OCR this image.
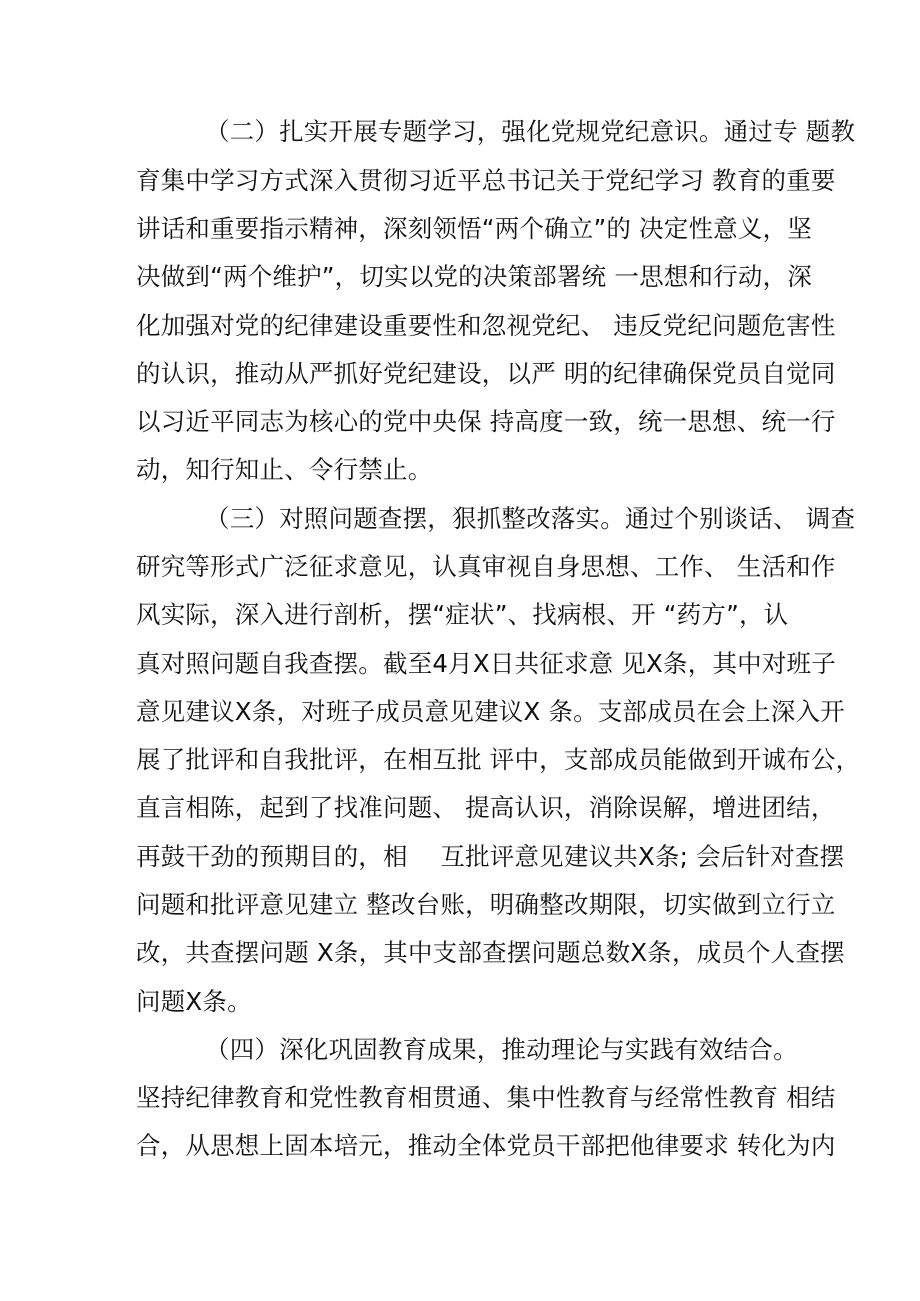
（二）扎实开展专题学习，强化党规党纪意识。通过专 题教
育集中学习方式深入贯彻习近平总书记关于党纪学习 教育的重要
讲话和重要指示精神，深刻领悟“两个确立”的 决定性意义，坚
决做到“两个维护”，切实以党的决策部署统 一思想和行动，深
化加强对党的纪律建设重要性和忽视党纪、 违反党纪问题危害性
的认识，推动从严抓好党纪建设，以严 明的纪律确保党员自觉同
以习近平同志为核心的党中央保 持高度一致，统一思想、统一行
动，知行知止、令行禁止。
（三）对照问题查摆，狠抓整改落实。通过个别谈话、 调查
研究等形式广泛征求意见，认真审视自身思想、工作、 生活和作
风实际，深入进行剖析，摆“症状”、找病根、开 “药方”，认
真对照问题自我查摆。截至4月X日共征求意 见X条，其中对班子
意见建议X条，对班子成员意见建议X 条。支部成员在会上深入开
展了批评和自我批评，在相互批 评中，支部成员能做到开诚布公，
直言相陈，起到了找准问题、 提高认识，消除误解，增进团结，
再鼓干劲的预期目的，相　 互批评意见建议共X条; 会后针对查摆
问题和批评意见建立 整改台账，明确整改期限，切实做到立行立
改，共查摆问题 X条，其中支部查摆问题总数X条，成员个人查摆
问题X条。
（四）深化巩固教育成果，推动理论与实践有效结合。
坚持纪律教育和党性教育相贯通、集中性教育与经常性教育 相结
合，从思想上固本培元，推动全体党员干部把他律要求 转化为内
